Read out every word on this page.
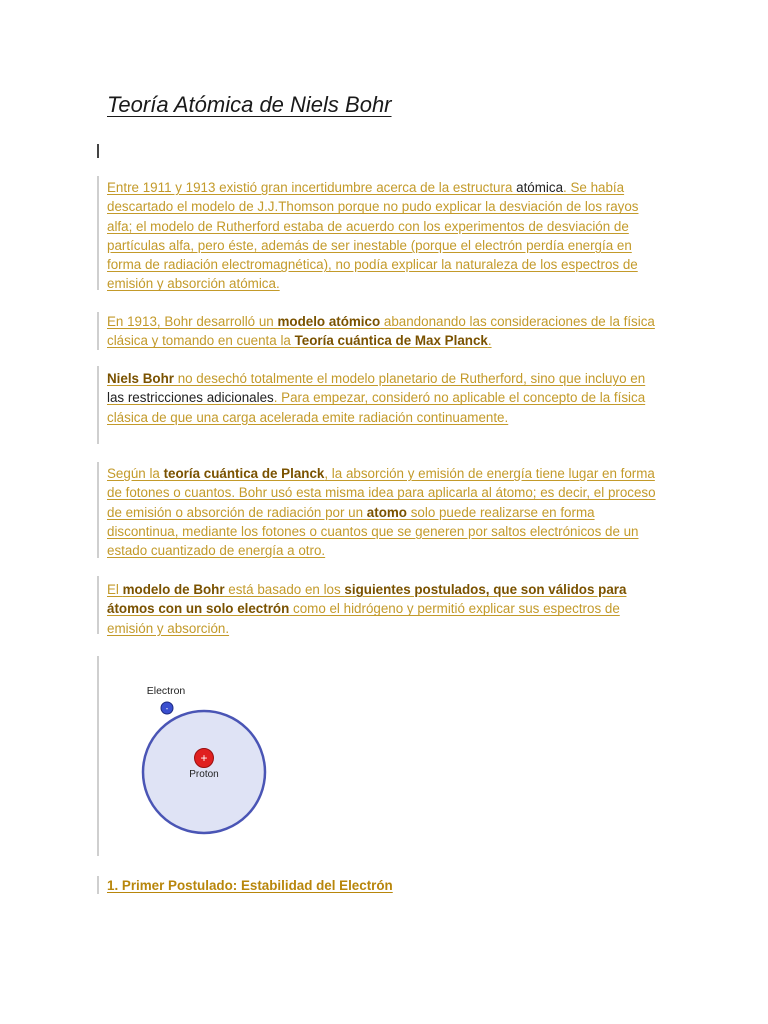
Teoría Atómica de Niels Bohr

Entre 1911 y 1913 existió gran incertidumbre acerca de la estructura atómica. Se había descartado el modelo de J.J.Thomson porque no pudo explicar la desviación de los rayos alfa; el modelo de Rutherford estaba de acuerdo con los experimentos de desviación de partículas alfa, pero éste, además de ser inestable (porque el electrón perdía energía en forma de radiación electromagnética), no podía explicar la naturaleza de los espectros de emisión y absorción atómica.

En 1913, Bohr desarrolló un modelo atómico abandonando las consideraciones de la física clásica y tomando en cuenta la Teoría cuántica de Max Planck.

Niels Bohr no desechó totalmente el modelo planetario de Rutherford, sino que incluyo en las restricciones adicionales. Para empezar, consideró no aplicable el concepto de la física clásica de que una carga acelerada emite radiación continuamente.

Según la teoría cuántica de Planck, la absorción y emisión de energía tiene lugar en forma de fotones o cuantos. Bohr usó esta misma idea para aplicarla al átomo; es decir, el proceso de emisión o absorción de radiación por un atomo solo puede realizarse en forma discontinua, mediante los fotones o cuantos que se generen por saltos electrónicos de un estado cuantizado de energía a otro.

El modelo de Bohr está basado en los siguientes postulados, que son válidos para átomos con un solo electrón como el hidrógeno y permitió explicar sus espectros de emisión y absorción.

+
Proton
-
Electron

1. Primer Postulado: Estabilidad del Electrón
